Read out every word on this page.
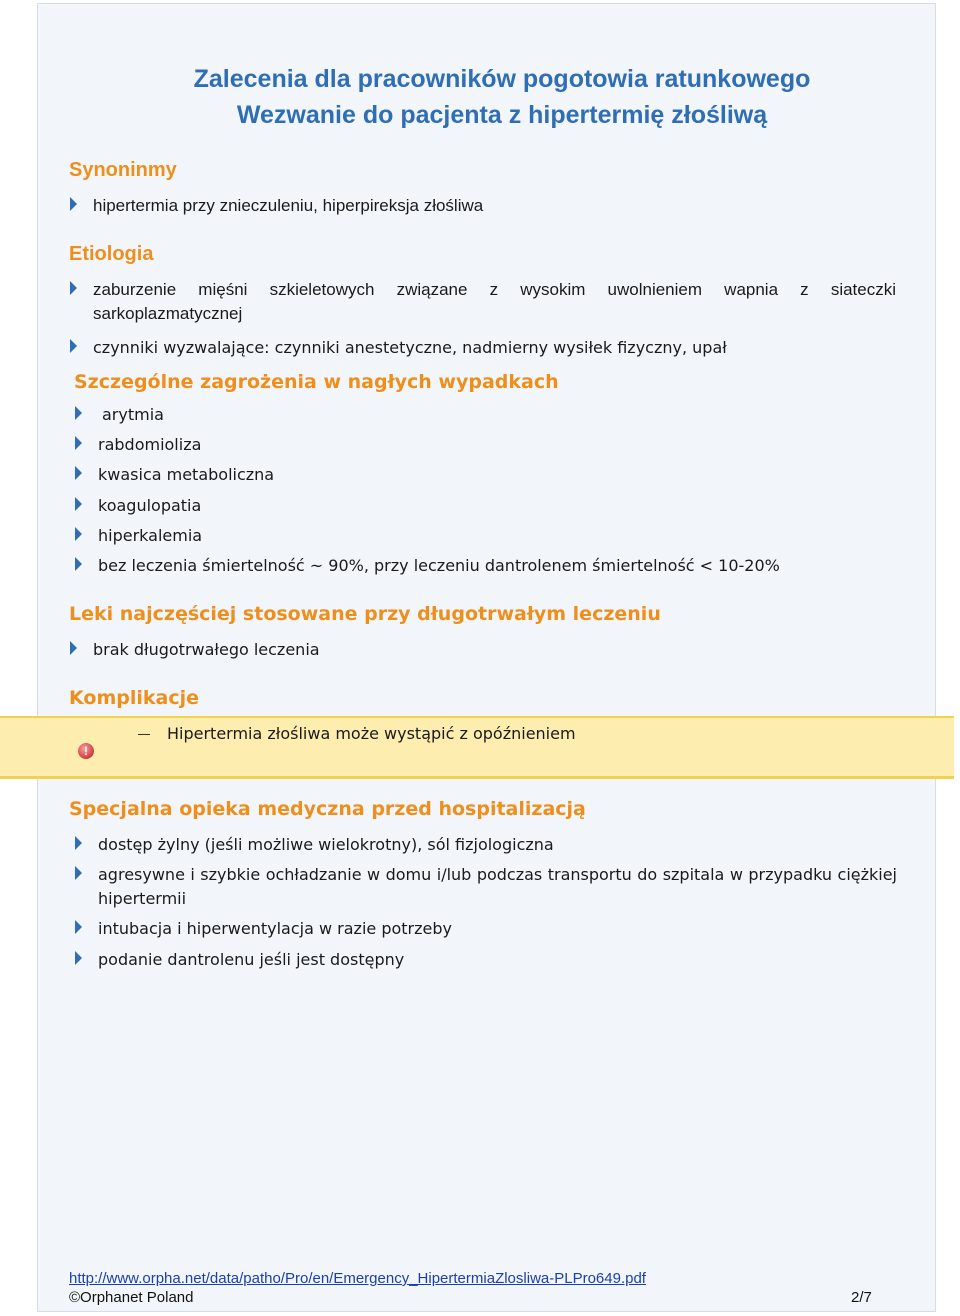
Zalecenia dla pracowników pogotowia ratunkowego
Wezwanie do pacjenta z hipertermię złośliwą
Synoninmy
hipertermia przy znieczuleniu, hiperpireksja złośliwa
Etiologia
zaburzenie mięśni szkieletowych związane z wysokim uwolnieniem wapnia z siateczki
sarkoplazmatycznej
czynniki wyzwalające: czynniki anestetyczne, nadmierny wysiłek fizyczny, upał
Szczególne zagrożenia w nagłych wypadkach
arytmia
rabdomioliza
kwasica metaboliczna
koagulopatia
hiperkalemia
bez leczenia śmiertelność ~ 90%, przy leczeniu dantrolenem śmiertelność < 10-20%
Leki najczęściej stosowane przy długotrwałym leczeniu
brak długotrwałego leczenia
Komplikacje
!
Hipertermia złośliwa może wystąpić z opóźnieniem
Specjalna opieka medyczna przed hospitalizacją
dostęp żylny (jeśli możliwe wielokrotny), sól fizjologiczna
agresywne i szybkie ochładzanie w domu i/lub podczas transportu do szpitala w przypadku ciężkiej
hipertermii
intubacja i hiperwentylacja w razie potrzeby
podanie dantrolenu jeśli jest dostępny
http://www.orpha.net/data/patho/Pro/en/Emergency_HipertermiaZlosliwa-PLPro649.pdf
©Orphanet Poland	2/7
